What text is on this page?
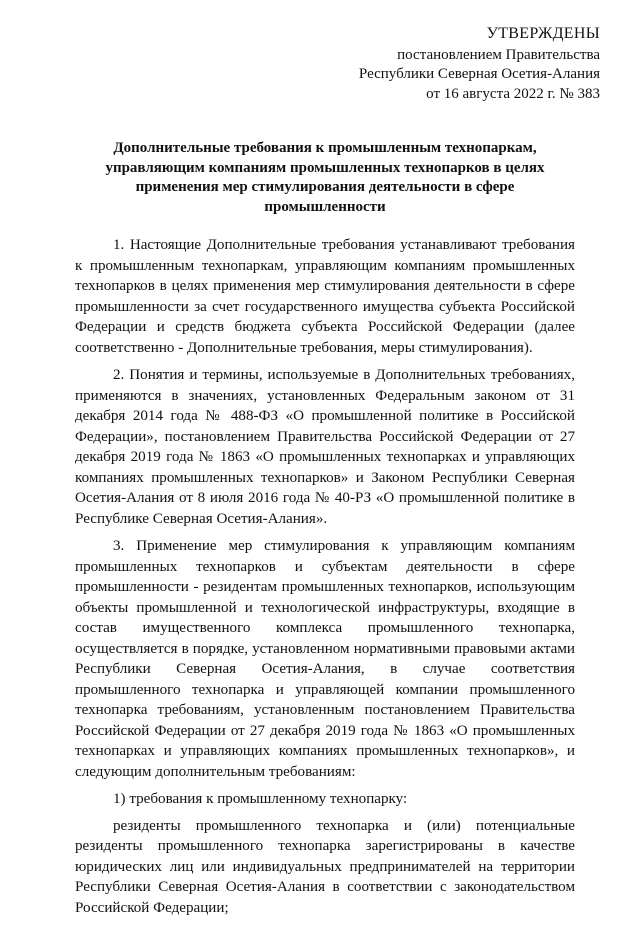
УТВЕРЖДЕНЫ
постановлением Правительства
Республики Северная Осетия-Алания
от 16 августа 2022 г. № 383
Дополнительные требования к промышленным технопаркам, управляющим компаниям промышленных технопарков в целях применения мер стимулирования деятельности в сфере промышленности

1. Настоящие Дополнительные требования устанавливают требования к промышленным технопаркам, управляющим компаниям промышленных технопарков в целях применения мер стимулирования деятельности в сфере промышленности за счет государственного имущества субъекта Российской Федерации и средств бюджета субъекта Российской Федерации (далее соответственно - Дополнительные требования, меры стимулирования).

2. Понятия и термины, используемые в Дополнительных требованиях, применяются в значениях, установленных Федеральным законом от 31 декабря 2014 года № 488-ФЗ «О промышленной политике в Российской Федерации», постановлением Правительства Российской Федерации от 27 декабря 2019 года № 1863 «О промышленных технопарках и управляющих компаниях промышленных технопарков» и Законом Республики Северная Осетия-Алания от 8 июля 2016 года № 40-РЗ «О промышленной политике в Республике Северная Осетия-Алания».

3. Применение мер стимулирования к управляющим компаниям промышленных технопарков и субъектам деятельности в сфере промышленности - резидентам промышленных технопарков, использующим объекты промышленной и технологической инфраструктуры, входящие в состав имущественного комплекса промышленного технопарка, осуществляется в порядке, установленном нормативными правовыми актами Республики Северная Осетия-Алания, в случае соответствия промышленного технопарка и управляющей компании промышленного технопарка требованиям, установленным постановлением Правительства Российской Федерации от 27 декабря 2019 года № 1863 «О промышленных технопарках и управляющих компаниях промышленных технопарков», и следующим дополнительным требованиям:

1) требования к промышленному технопарку:

резиденты промышленного технопарка и (или) потенциальные резиденты промышленного технопарка зарегистрированы в качестве юридических лиц или индивидуальных предпринимателей на территории Республики Северная Осетия-Алания в соответствии с законодательством Российской Федерации;
